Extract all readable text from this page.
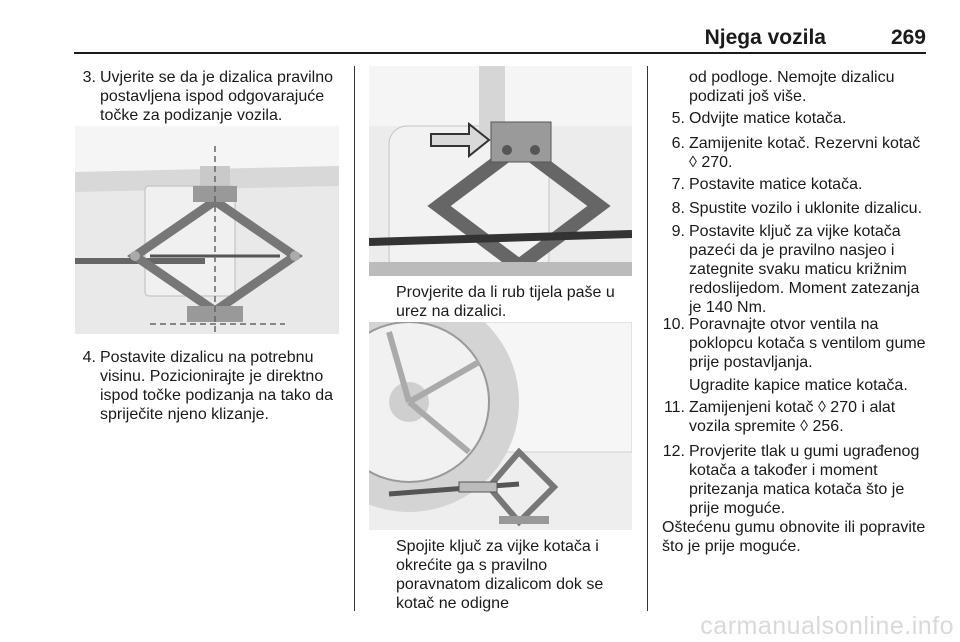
Njega vozila	269
3. Uvjerite se da je dizalica pravilno postavljena ispod odgovarajuće točke za podizanje vozila.
4. Postavite dizalicu na potrebnu visinu. Pozicionirajte je direktno ispod točke podizanja na tako da spriječite njeno klizanje.
Provjerite da li rub tijela paše u urez na dizalici.
Spojite ključ za vijke kotača i okrećite ga s pravilno poravnatom dizalicom dok se kotač ne odigne
od podloge. Nemojte dizalicu podizati još više.
5. Odvijte matice kotača.
6. Zamijenite kotač. Rezervni kotač ◊ 270.
7. Postavite matice kotača.
8. Spustite vozilo i uklonite dizalicu.
9. Postavite ključ za vijke kotača pazeći da je pravilno nasjeo i zategnite svaku maticu križnim redoslijedom. Moment zatezanja je 140 Nm.
10. Poravnajte otvor ventila na poklopcu kotača s ventilom gume prije postavljanja.
Ugradite kapice matice kotača.
11. Zamijenjeni kotač ◊ 270 i alat vozila spremite ◊ 256.
12. Provjerite tlak u gumi ugrađenog kotača a također i moment pritezanja matica kotača što je prije moguće.
Oštećenu gumu obnovite ili popravite što je prije moguće.
carmanualsonline.info
